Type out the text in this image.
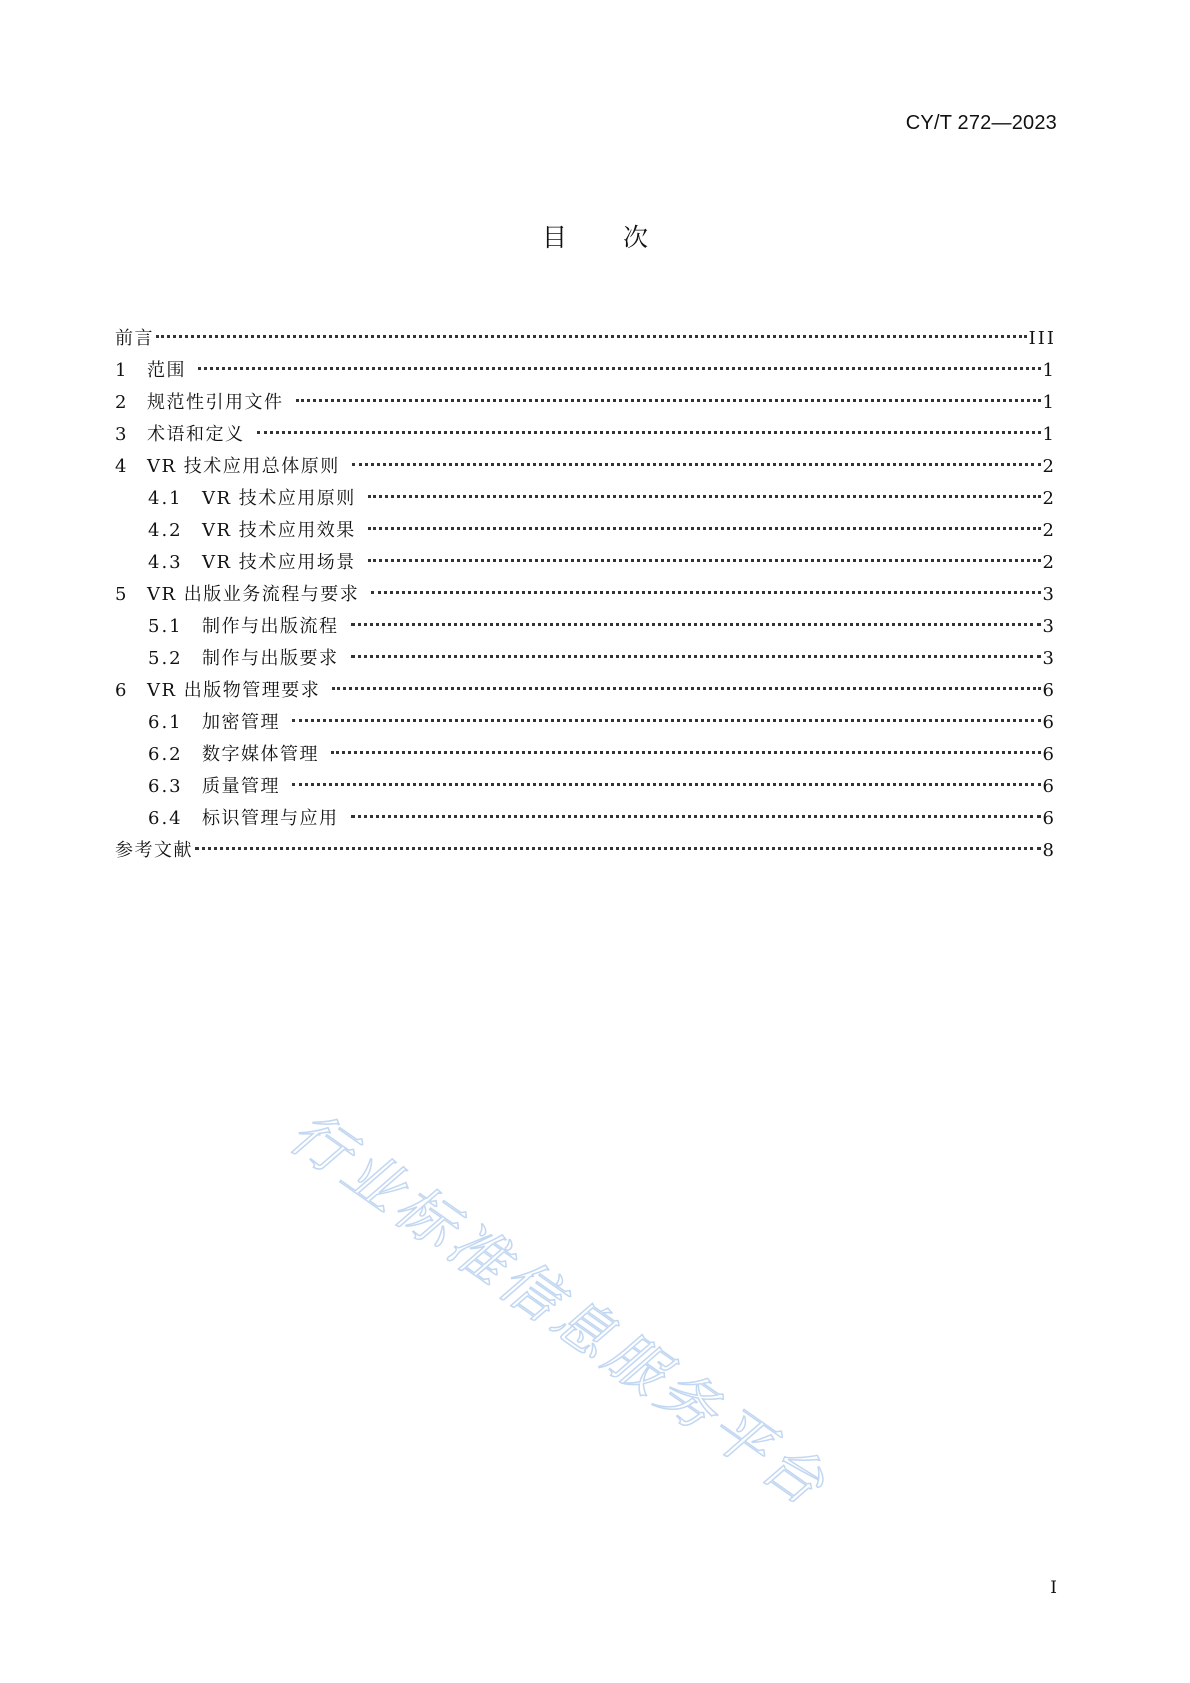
CY/T 272—2023
目次
前言	III
1	范围	1
2	规范性引用文件	1
3	术语和定义	1
4	VR 技术应用总体原则	2
4.1	VR 技术应用原则	2
4.2	VR 技术应用效果	2
4.3	VR 技术应用场景	2
5	VR 出版业务流程与要求	3
5.1	制作与出版流程	3
5.2	制作与出版要求	3
6	VR 出版物管理要求	6
6.1	加密管理	6
6.2	数字媒体管理	6
6.3	质量管理	6
6.4	标识管理与应用	6
参考文献	8
I
行业标准信息服务平台
